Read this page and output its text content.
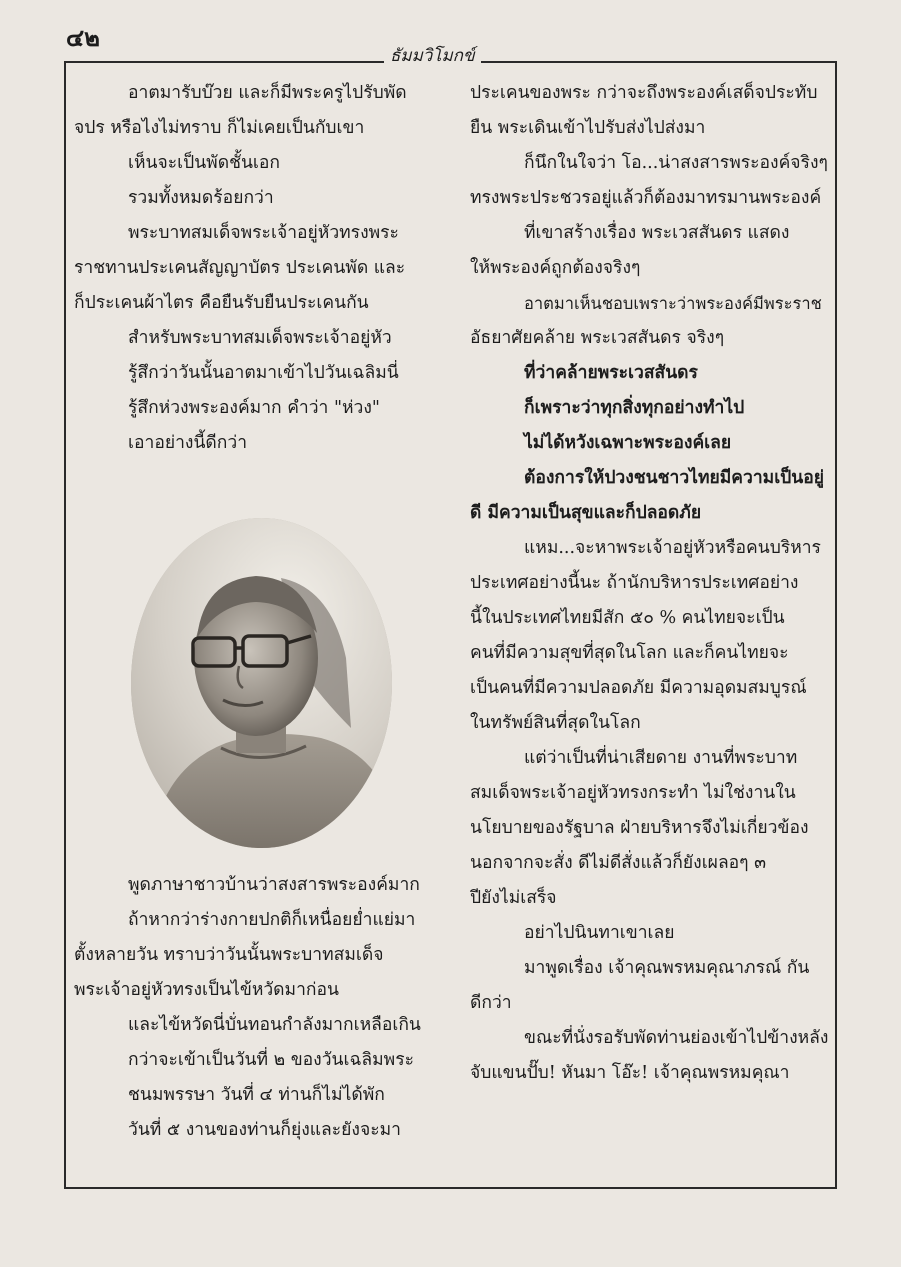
๔๒
ธัมมวิโมกข์
อาตมารับบ๊วย และก็มีพระครูไปรับพัด
จปร หรือไงไม่ทราบ ก็ไม่เคยเป็นกับเขา
เห็นจะเป็นพัดชั้นเอก
รวมทั้งหมดร้อยกว่า
พระบาทสมเด็จพระเจ้าอยู่หัวทรงพระ
ราชทานประเคนสัญญาบัตร ประเคนพัด และ
ก็ประเคนผ้าไตร คือยืนรับยืนประเคนกัน
สำหรับพระบาทสมเด็จพระเจ้าอยู่หัว
รู้สึกว่าวันนั้นอาตมาเข้าไปวันเฉลิมนี่
รู้สึกห่วงพระองค์มาก คำว่า "ห่วง"
เอาอย่างนี้ดีกว่า
พูดภาษาชาวบ้านว่าสงสารพระองค์มาก
ถ้าหากว่าร่างกายปกติก็เหนื่อยย่ำแย่มา
ตั้งหลายวัน ทราบว่าวันนั้นพระบาทสมเด็จ
พระเจ้าอยู่หัวทรงเป็นไข้หวัดมาก่อน
และไข้หวัดนี่บั่นทอนกำลังมากเหลือเกิน
กว่าจะเข้าเป็นวันที่ ๒ ของวันเฉลิมพระ
ชนมพรรษา วันที่ ๔ ท่านก็ไม่ได้พัก
วันที่ ๕ งานของท่านก็ยุ่งและยังจะมา
ประเคนของพระ กว่าจะถึงพระองค์เสด็จประทับ
ยืน พระเดินเข้าไปรับส่งไปส่งมา
ก็นึกในใจว่า โอ...น่าสงสารพระองค์จริงๆ
ทรงพระประชวรอยู่แล้วก็ต้องมาทรมานพระองค์
ที่เขาสร้างเรื่อง พระเวสสันดร แสดง
ให้พระองค์ถูกต้องจริงๆ
อาตมาเห็นชอบเพราะว่าพระองค์มีพระราช
อัธยาศัยคล้าย พระเวสสันดร จริงๆ
ที่ว่าคล้ายพระเวสสันดร
ก็เพราะว่าทุกสิ่งทุกอย่างทำไป
ไม่ได้หวังเฉพาะพระองค์เลย
ต้องการให้ปวงชนชาวไทยมีความเป็นอยู่
ดี มีความเป็นสุขและก็ปลอดภัย
แหม...จะหาพระเจ้าอยู่หัวหรือคนบริหาร
ประเทศอย่างนี้นะ ถ้านักบริหารประเทศอย่าง
นี้ในประเทศไทยมีสัก ๕๐ % คนไทยจะเป็น
คนที่มีความสุขที่สุดในโลก และก็คนไทยจะ
เป็นคนที่มีความปลอดภัย มีความอุดมสมบูรณ์
ในทรัพย์สินที่สุดในโลก
แต่ว่าเป็นที่น่าเสียดาย งานที่พระบาท
สมเด็จพระเจ้าอยู่หัวทรงกระทำ ไม่ใช่งานใน
นโยบายของรัฐบาล ฝ่ายบริหารจึงไม่เกี่ยวข้อง
นอกจากจะสั่ง ดีไม่ดีสั่งแล้วก็ยังเผลอๆ ๓
ปียังไม่เสร็จ
อย่าไปนินทาเขาเลย
มาพูดเรื่อง เจ้าคุณพรหมคุณาภรณ์ กัน
ดีกว่า
ขณะที่นั่งรอรับพัดท่านย่องเข้าไปข้างหลัง
จับแขนปั๊บ! หันมา โอ๊ะ! เจ้าคุณพรหมคุณา
